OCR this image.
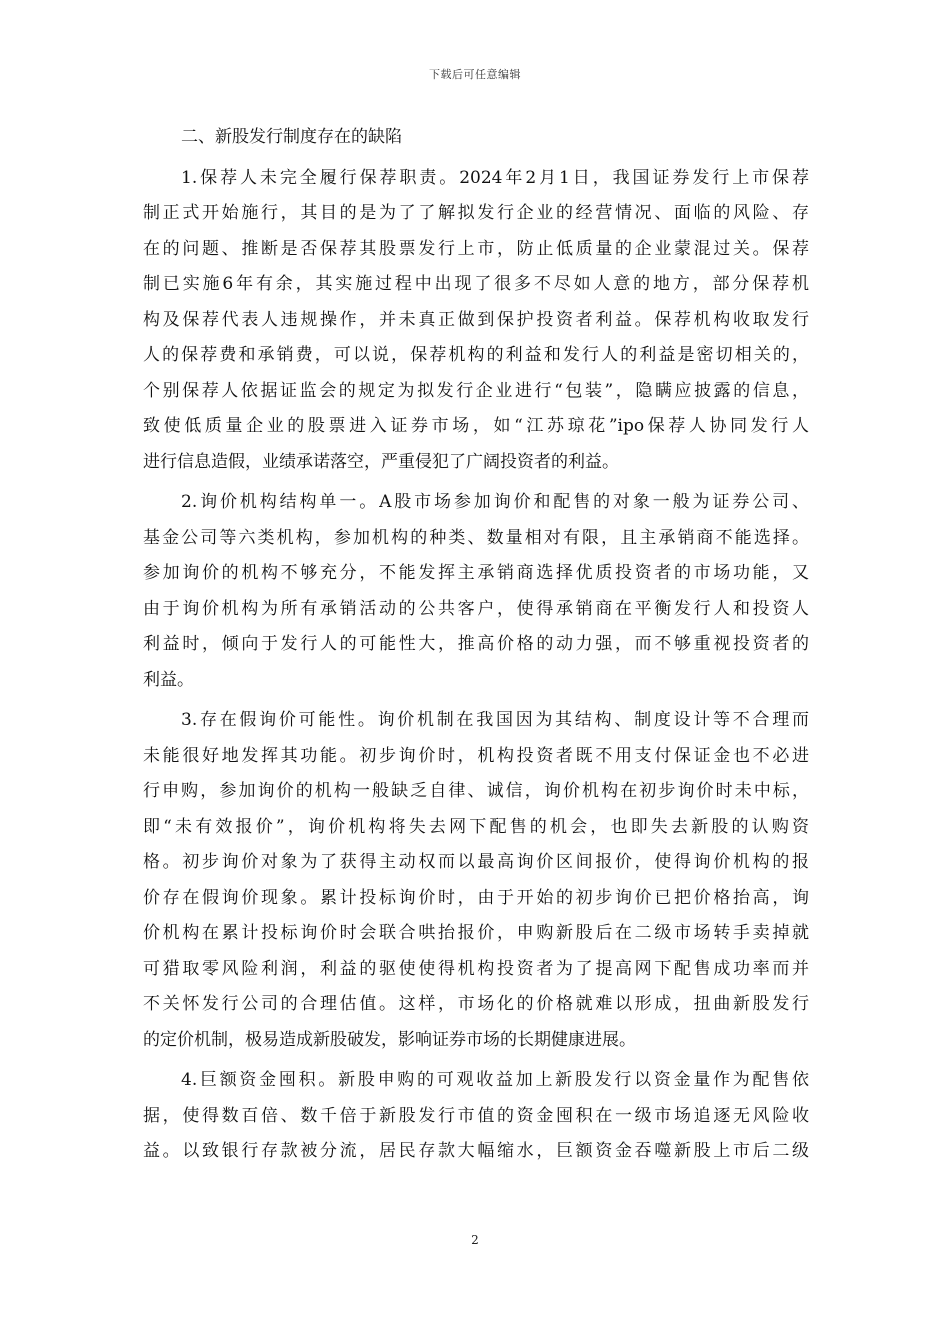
下载后可任意编辑
二、新股发行制度存在的缺陷
1.保荐人未完全履行保荐职责。2024年2月1日，我国证券发行上市保荐
制正式开始施行，其目的是为了了解拟发行企业的经营情况、面临的风险、存
在的问题、推断是否保荐其股票发行上市，防止低质量的企业蒙混过关。保荐
制已实施6年有余，其实施过程中出现了很多不尽如人意的地方，部分保荐机
构及保荐代表人违规操作，并未真正做到保护投资者利益。保荐机构收取发行
人的保荐费和承销费，可以说，保荐机构的利益和发行人的利益是密切相关的，
个别保荐人依据证监会的规定为拟发行企业进行“包装”，隐瞒应披露的信息，
致使低质量企业的股票进入证券市场，如“江苏琼花”ipo保荐人协同发行人
进行信息造假，业绩承诺落空，严重侵犯了广阔投资者的利益。
2.询价机构结构单一。A股市场参加询价和配售的对象一般为证券公司、
基金公司等六类机构，参加机构的种类、数量相对有限，且主承销商不能选择。
参加询价的机构不够充分，不能发挥主承销商选择优质投资者的市场功能，又
由于询价机构为所有承销活动的公共客户，使得承销商在平衡发行人和投资人
利益时，倾向于发行人的可能性大，推高价格的动力强，而不够重视投资者的
利益。
3.存在假询价可能性。询价机制在我国因为其结构、制度设计等不合理而
未能很好地发挥其功能。初步询价时，机构投资者既不用支付保证金也不必进
行申购，参加询价的机构一般缺乏自律、诚信，询价机构在初步询价时未中标，
即“未有效报价”，询价机构将失去网下配售的机会，也即失去新股的认购资
格。初步询价对象为了获得主动权而以最高询价区间报价，使得询价机构的报
价存在假询价现象。累计投标询价时，由于开始的初步询价已把价格抬高，询
价机构在累计投标询价时会联合哄抬报价，申购新股后在二级市场转手卖掉就
可猎取零风险利润，利益的驱使使得机构投资者为了提高网下配售成功率而并
不关怀发行公司的合理估值。这样，市场化的价格就难以形成，扭曲新股发行
的定价机制，极易造成新股破发，影响证券市场的长期健康进展。
4.巨额资金囤积。新股申购的可观收益加上新股发行以资金量作为配售依
据，使得数百倍、数千倍于新股发行市值的资金囤积在一级市场追逐无风险收
益。以致银行存款被分流，居民存款大幅缩水，巨额资金吞噬新股上市后二级
2
